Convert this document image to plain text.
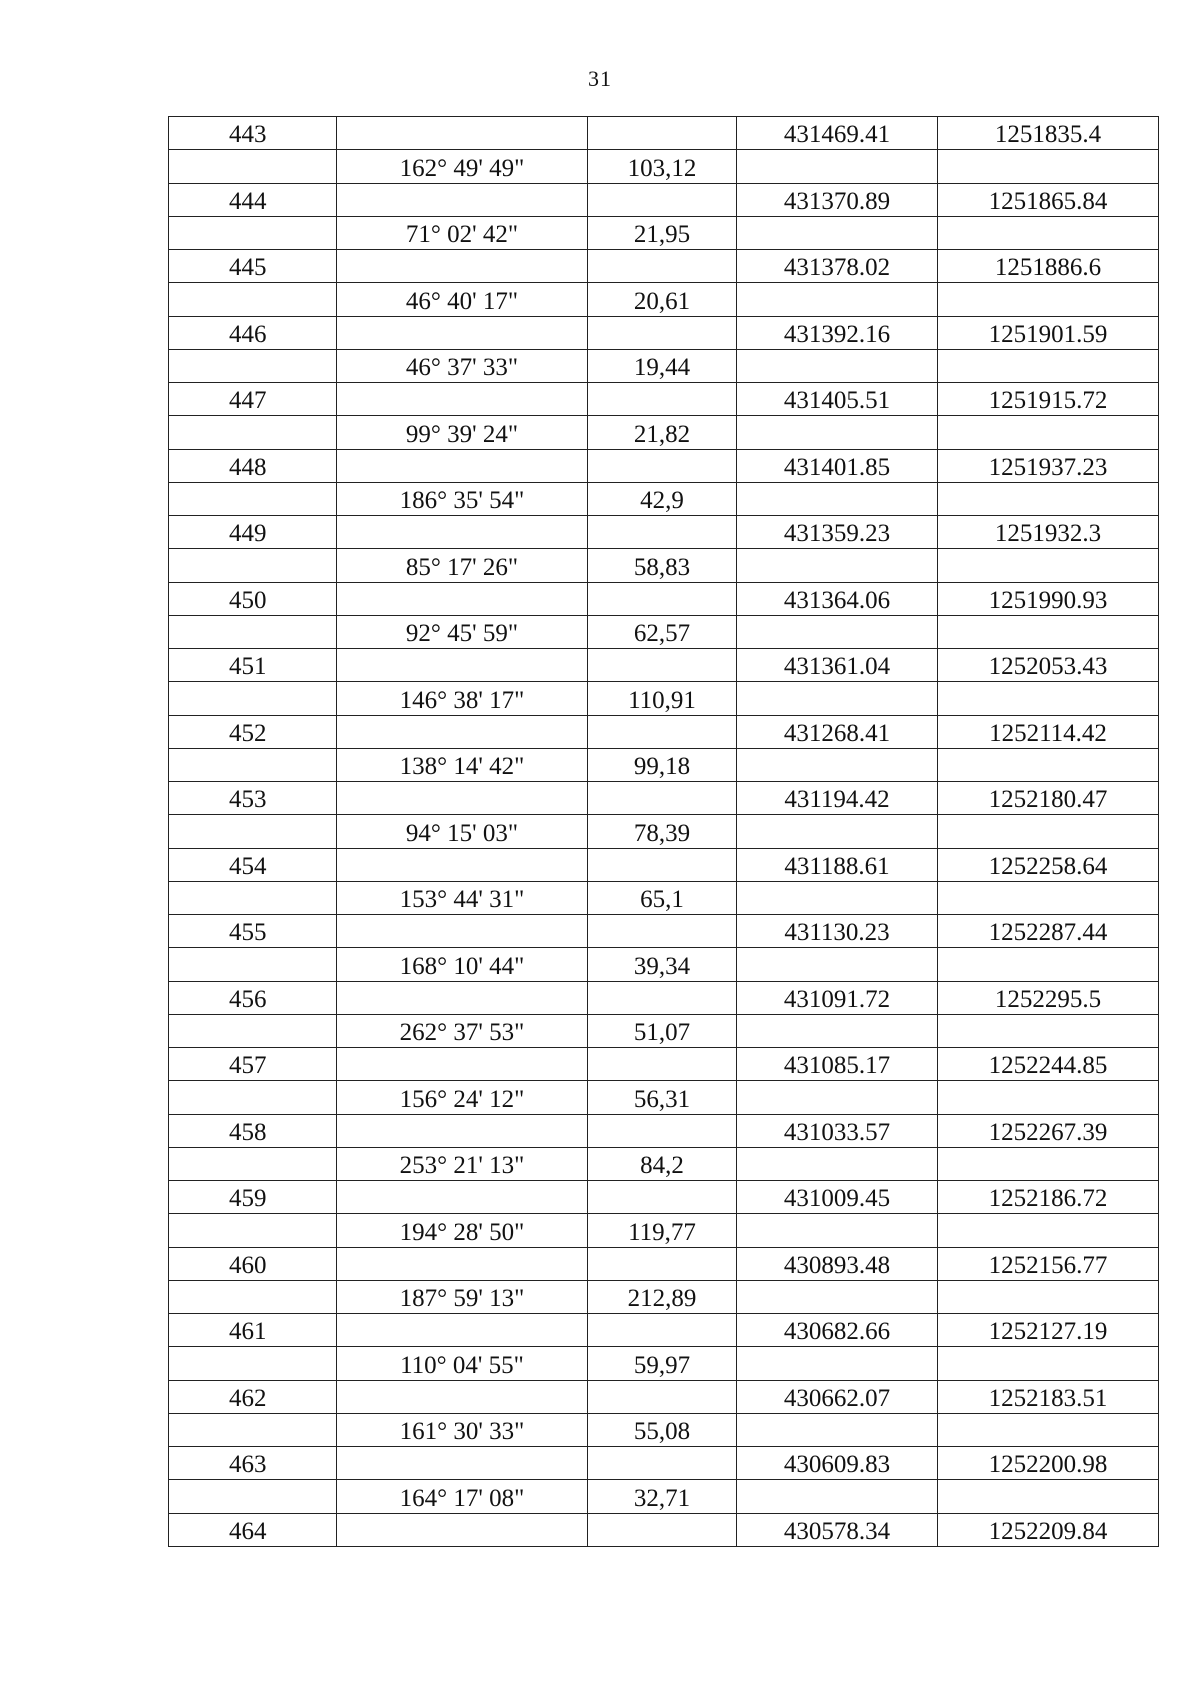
31
443			431469.41	1251835.4
	162° 49' 49"	103,12		
444			431370.89	1251865.84
	71° 02' 42"	21,95		
445			431378.02	1251886.6
	46° 40' 17"	20,61		
446			431392.16	1251901.59
	46° 37' 33"	19,44		
447			431405.51	1251915.72
	99° 39' 24"	21,82		
448			431401.85	1251937.23
	186° 35' 54"	42,9		
449			431359.23	1251932.3
	85° 17' 26"	58,83		
450			431364.06	1251990.93
	92° 45' 59"	62,57		
451			431361.04	1252053.43
	146° 38' 17"	110,91		
452			431268.41	1252114.42
	138° 14' 42"	99,18		
453			431194.42	1252180.47
	94° 15' 03"	78,39		
454			431188.61	1252258.64
	153° 44' 31"	65,1		
455			431130.23	1252287.44
	168° 10' 44"	39,34		
456			431091.72	1252295.5
	262° 37' 53"	51,07		
457			431085.17	1252244.85
	156° 24' 12"	56,31		
458			431033.57	1252267.39
	253° 21' 13"	84,2		
459			431009.45	1252186.72
	194° 28' 50"	119,77		
460			430893.48	1252156.77
	187° 59' 13"	212,89		
461			430682.66	1252127.19
	110° 04' 55"	59,97		
462			430662.07	1252183.51
	161° 30' 33"	55,08		
463			430609.83	1252200.98
	164° 17' 08"	32,71		
464			430578.34	1252209.84
